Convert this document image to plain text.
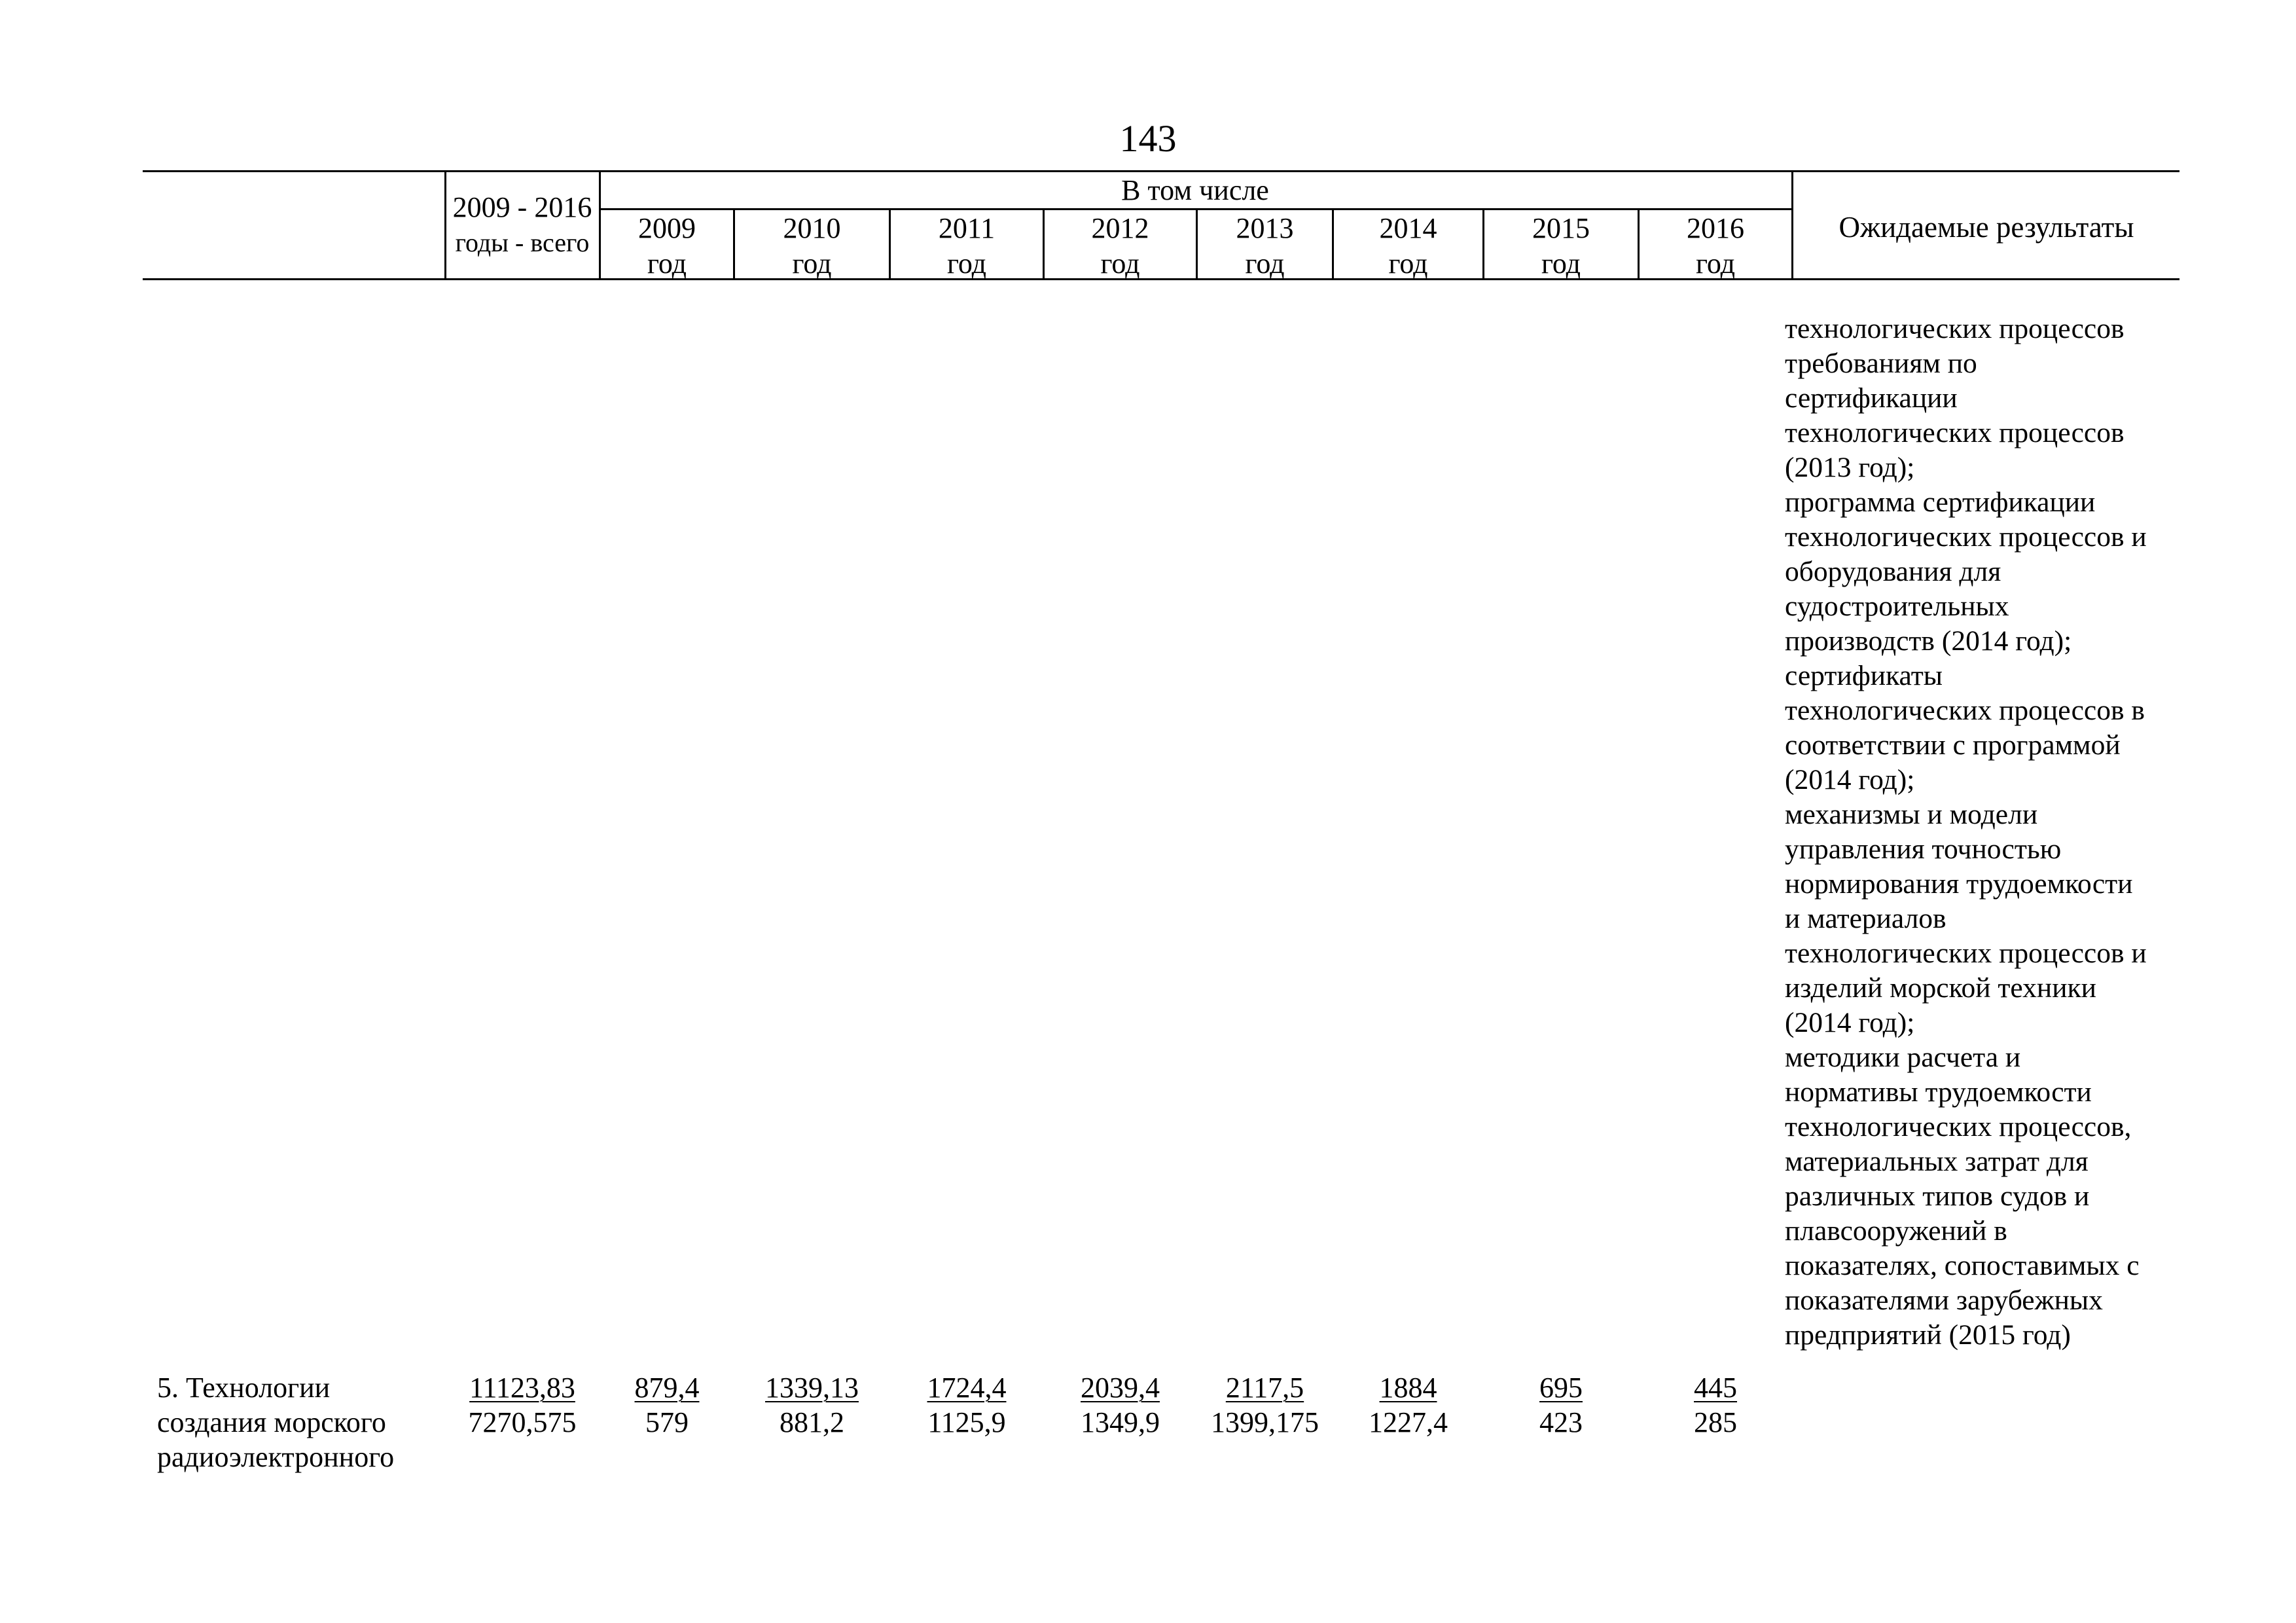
143
2009 - 2016
годы - всего
В том числе
2009
год
2010
год
2011
год
2012
год
2013
год
2014
год
2015
год
2016
год
Ожидаемые результаты
технологических процессов
требованиям по
сертификации
технологических процессов
(2013 год);
программа сертификации
технологических процессов и
оборудования для
судостроительных
производств (2014 год);
сертификаты
технологических процессов в
соответствии с программой
(2014 год);
механизмы и модели
управления точностью
нормирования трудоемкости
и материалов
технологических процессов и
изделий морской техники
(2014 год);
методики расчета и
нормативы трудоемкости
технологических процессов,
материальных затрат для
различных типов судов и
плавсооружений в
показателях, сопоставимых с
показателями зарубежных
предприятий (2015 год)
5. Технологии
создания морского
радиоэлектронного
11123,83
7270,575
879,4
579
1339,13
881,2
1724,4
1125,9
2039,4
1349,9
2117,5
1399,175
1884
1227,4
695
423
445
285
